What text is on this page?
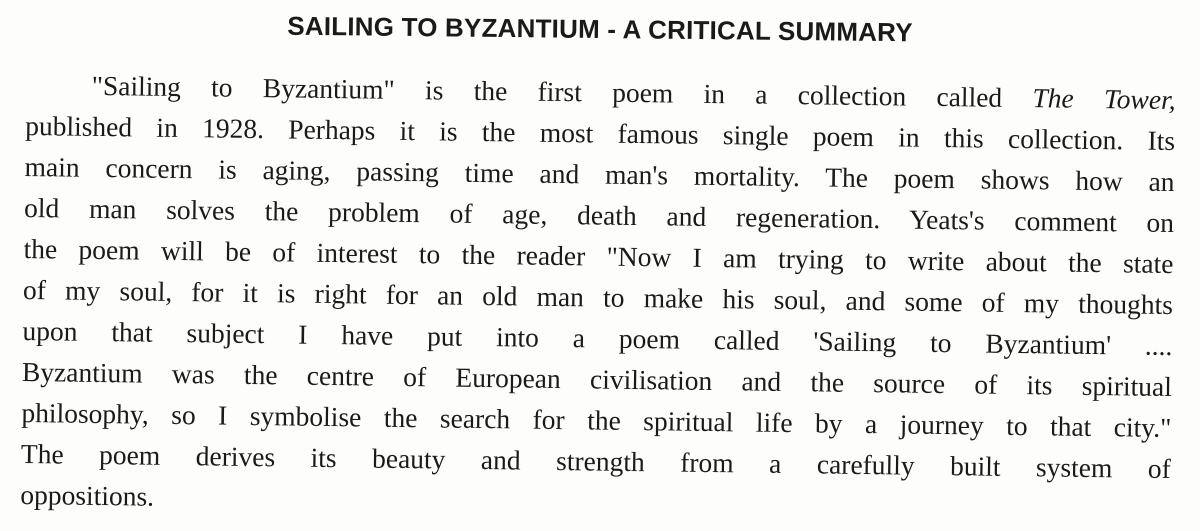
SAILING TO BYZANTIUM - A CRITICAL SUMMARY
"Sailing to Byzantium" is the first poem in a collection called The Tower,
published in 1928. Perhaps it is the most famous single poem in this collection. Its
main concern is aging, passing time and man's mortality. The poem shows how an
old man solves the problem of age, death and regeneration. Yeats's comment on
the poem will be of interest to the reader "Now I am trying to write about the state
of my soul, for it is right for an old man to make his soul, and some of my thoughts
upon that subject I have put into a poem called 'Sailing to Byzantium' ....
Byzantium was the centre of European civilisation and the source of its spiritual
philosophy, so I symbolise the search for the spiritual life by a journey to that city."
The poem derives its beauty and strength from a carefully built system of
oppositions.
